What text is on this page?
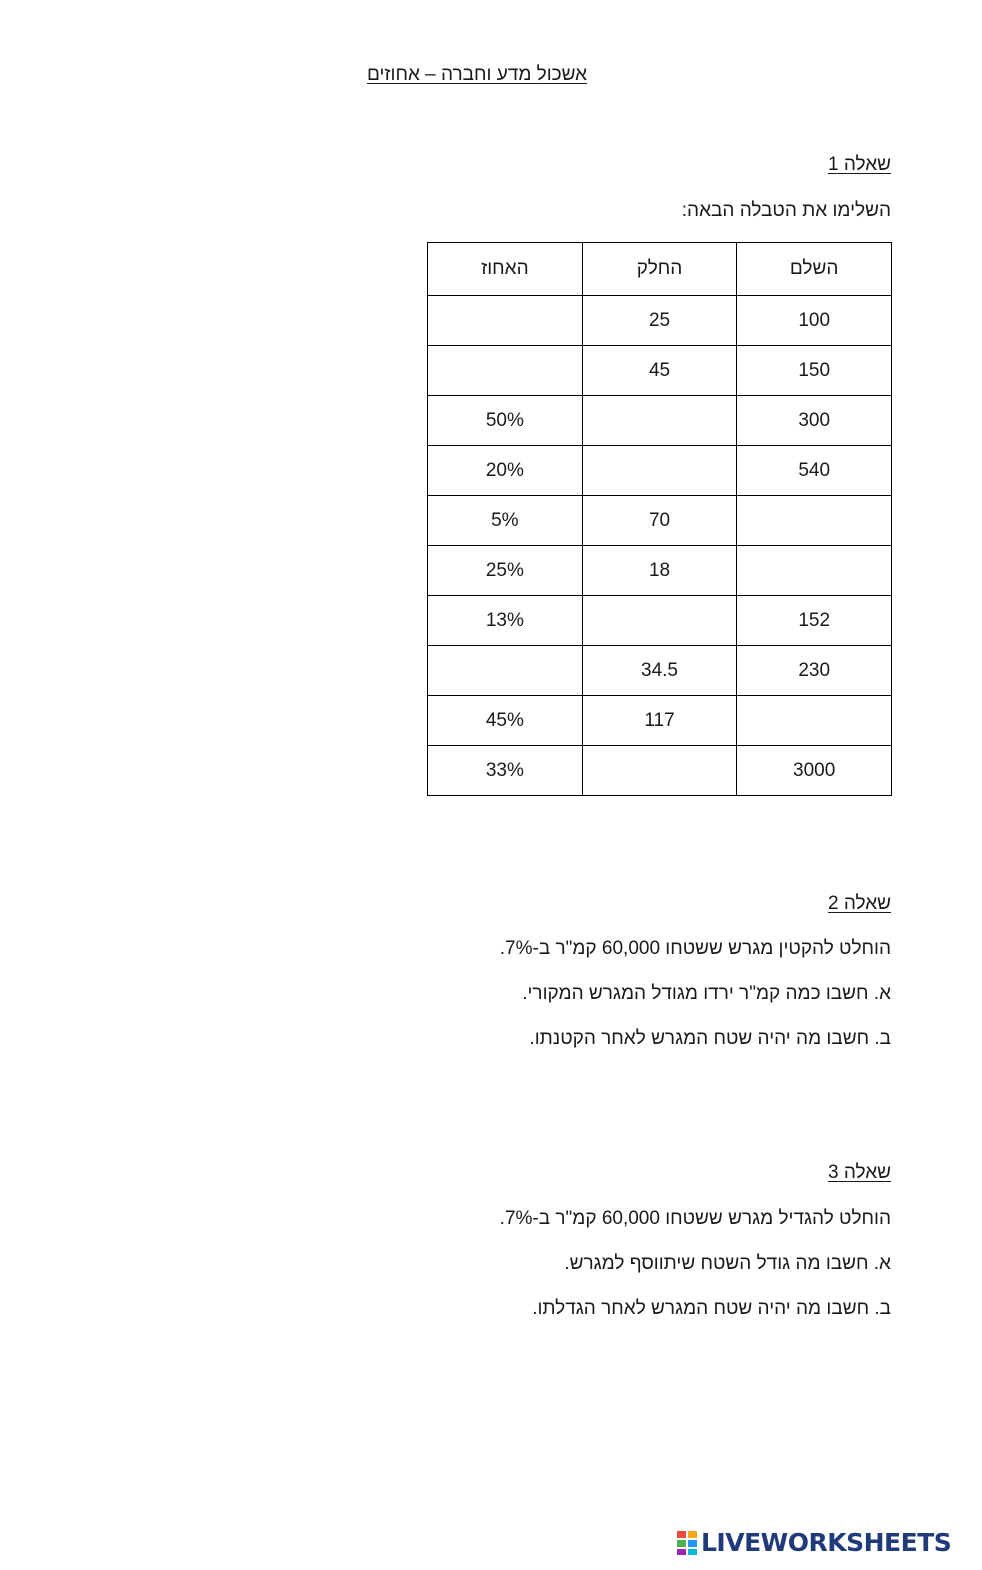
אשכול מדע וחברה – אחוזים
שאלה 1
השלימו את הטבלה הבאה:
השלם	החלק	האחוז
100	25	
150	45	
300		50%
540		20%
	70	5%
	18	25%
152		13%
230	34.5	
	117	45%
3000		33%
שאלה 2
הוחלט להקטין מגרש ששטחו 60,000 קמ"ר ב-7%.
א. חשבו כמה קמ"ר ירדו מגודל המגרש המקורי.
ב. חשבו מה יהיה שטח המגרש לאחר הקטנתו.
שאלה 3
הוחלט להגדיל מגרש ששטחו 60,000 קמ"ר ב-7%.
א. חשבו מה גודל השטח שיתווסף למגרש.
ב. חשבו מה יהיה שטח המגרש לאחר הגדלתו.
LIVEWORKSHEETS
